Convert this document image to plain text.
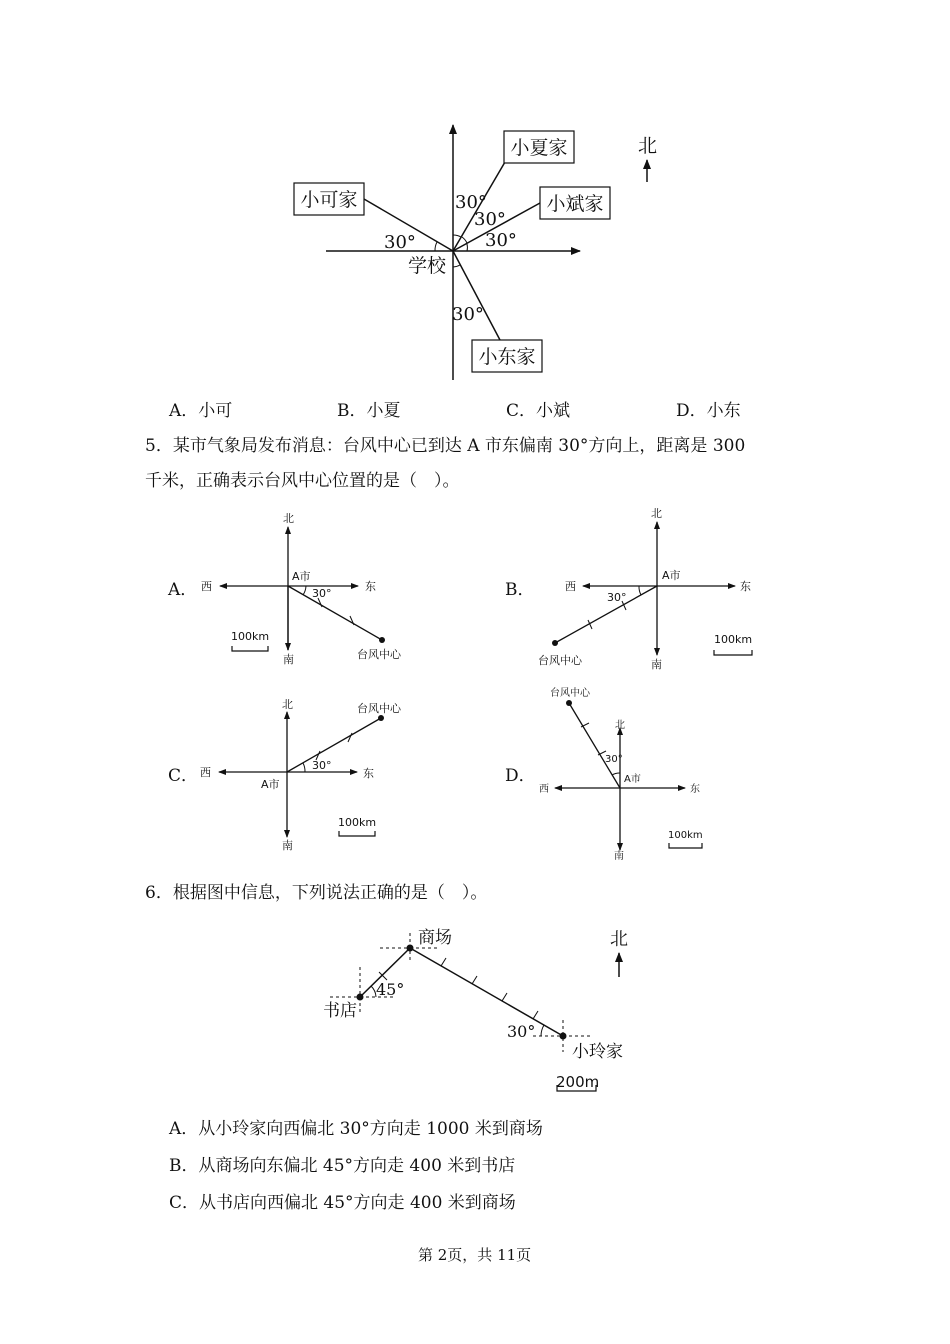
小可家
小夏家
小斌家
小东家
30°
30°
30°
30°
30°
学校
北
A．小可	B．小夏	C．小斌	D．小东
5．某市气象局发布消息：台风中心已到达 A 市东偏南 30°方向上，距离是 300
千米，正确表示台风中心位置的是（　）。
A．
北
南
西	东
A市
30°
台风中心
100km
B．
北
南
西	东
A市
30°
台风中心
100km
C．
北
南
西	东
A市
30°
台风中心
100km
D．
北
南
西	东
A市
30°
台风中心
100km
6．根据图中信息，下列说法正确的是（　）。
商场
书店
小玲家
45°
30°
200m
北
A．从小玲家向西偏北 30°方向走 1000 米到商场
B．从商场向东偏北 45°方向走 400 米到书店
C．从书店向西偏北 45°方向走 400 米到商场
第 2页，共 11页
